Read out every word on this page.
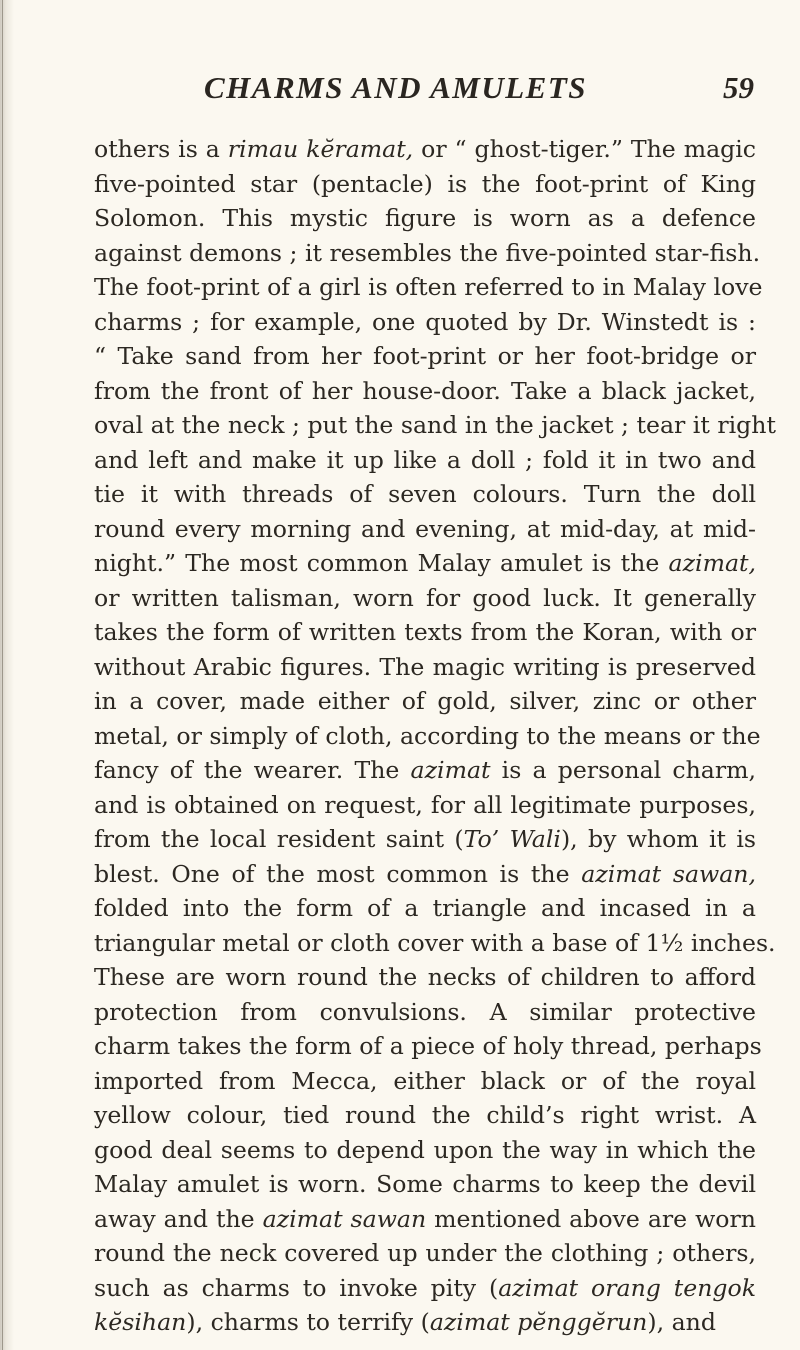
CHARMS AND AMULETS	59
others is a rimau kĕramat, or “ ghost-tiger.” The magic
five-pointed star (pentacle) is the foot-print of King
Solomon. This mystic figure is worn as a defence
against demons ; it resembles the five-pointed star-fish.
The foot-print of a girl is often referred to in Malay love
charms ; for example, one quoted by Dr. Winstedt is :
“ Take sand from her foot-print or her foot-bridge or
from the front of her house-door. Take a black jacket,
oval at the neck ; put the sand in the jacket ; tear it right
and left and make it up like a doll ; fold it in two and
tie it with threads of seven colours. Turn the doll
round every morning and evening, at mid-day, at mid-
night.” The most common Malay amulet is the azimat,
or written talisman, worn for good luck. It generally
takes the form of written texts from the Koran, with or
without Arabic figures. The magic writing is preserved
in a cover, made either of gold, silver, zinc or other
metal, or simply of cloth, according to the means or the
fancy of the wearer. The azimat is a personal charm,
and is obtained on request, for all legitimate purposes,
from the local resident saint (To’ Wali), by whom it is
blest. One of the most common is the azimat sawan,
folded into the form of a triangle and incased in a
triangular metal or cloth cover with a base of 1½ inches.
These are worn round the necks of children to afford
protection from convulsions. A similar protective
charm takes the form of a piece of holy thread, perhaps
imported from Mecca, either black or of the royal
yellow colour, tied round the child’s right wrist. A
good deal seems to depend upon the way in which the
Malay amulet is worn. Some charms to keep the devil
away and the azimat sawan mentioned above are worn
round the neck covered up under the clothing ; others,
such as charms to invoke pity (azimat orang tengok
kĕsihan), charms to terrify (azimat pĕnggĕrun), and
